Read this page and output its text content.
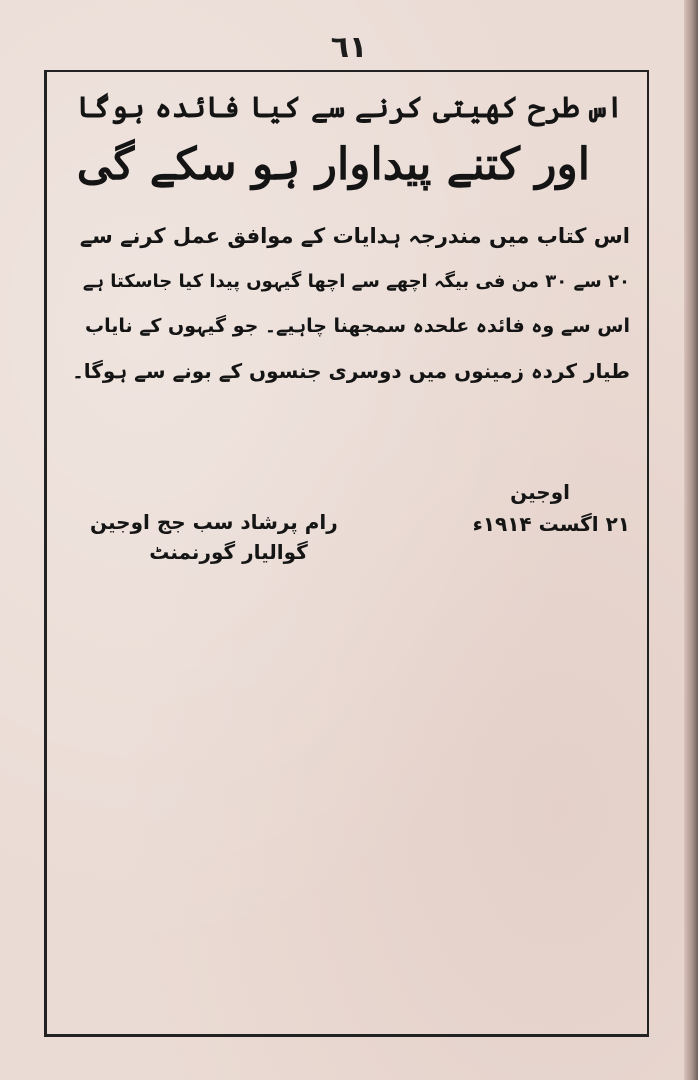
٦١
اس طرح کھیتی کرنے سے کیا فائدہ ہوگا
اور کتنے پیداوار ہو سکے گی
اس کتاب میں مندرجہ ہدایات کے موافق عمل کرنے سے
۲۰ سے ۳۰ من فی بیگہ اچھے سے اچھا گیہوں پیدا کیا جاسکتا ہے
اس سے وہ فائدہ علحدہ سمجھنا چاہیے۔ جو گیہوں کے نایاب
طیار کردہ زمینوں میں دوسری جنسوں کے بونے سے ہوگا۔
اوجین
۲۱ اگست ۱۹۱۴ء
رام پرشاد سب جج اوجین
گوالیار گورنمنٹ
